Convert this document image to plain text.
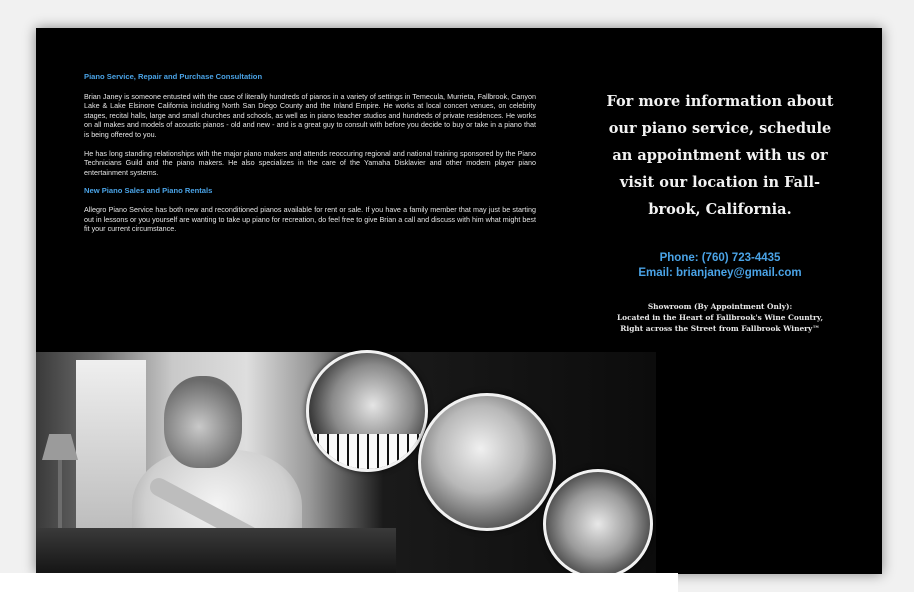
Piano Service, Repair and Purchase Consultation

Brian Janey is someone entusted with the case of literally hundreds of pianos in a variety of settings in Temecula, Murrieta, Fallbrook, Canyon Lake & Lake Elsinore California including North San Diego County and the Inland Empire. He works at local concert venues, on celebrity stages, recital halls, large and small churches and schools, as well as in piano teacher studios and hundreds of private residences. He works on all makes and models of acoustic pianos - old and new - and is a great guy to consult with before you decide to buy or take in a piano that is being offered to you.

He has long standing relationships with the major piano makers and attends reoccuring regional and national training sponsored by the Piano Technicians Guild and the piano makers. He also specializes in the care of the Yamaha Disklavier and other modern player piano entertainment systems.

New Piano Sales and Piano Rentals

Allegro Piano Service has both new and reconditioned pianos available for rent or sale. If you have a family member that may just be starting out in lessons or you yourself are wanting to take up piano for recreation, do feel free to give Brian a call and discuss with him what might best fit your current circumstance.

For more information about our piano service, schedule an appointment with us or visit our location in Fall-brook, California.
Phone: (760) 723-4435
Email: brianjaney@gmail.com
Showroom (By Appointment Only):
Located in the Heart of Fallbrook's Wine Country,
Right across the Street from Fallbrook Winery™
